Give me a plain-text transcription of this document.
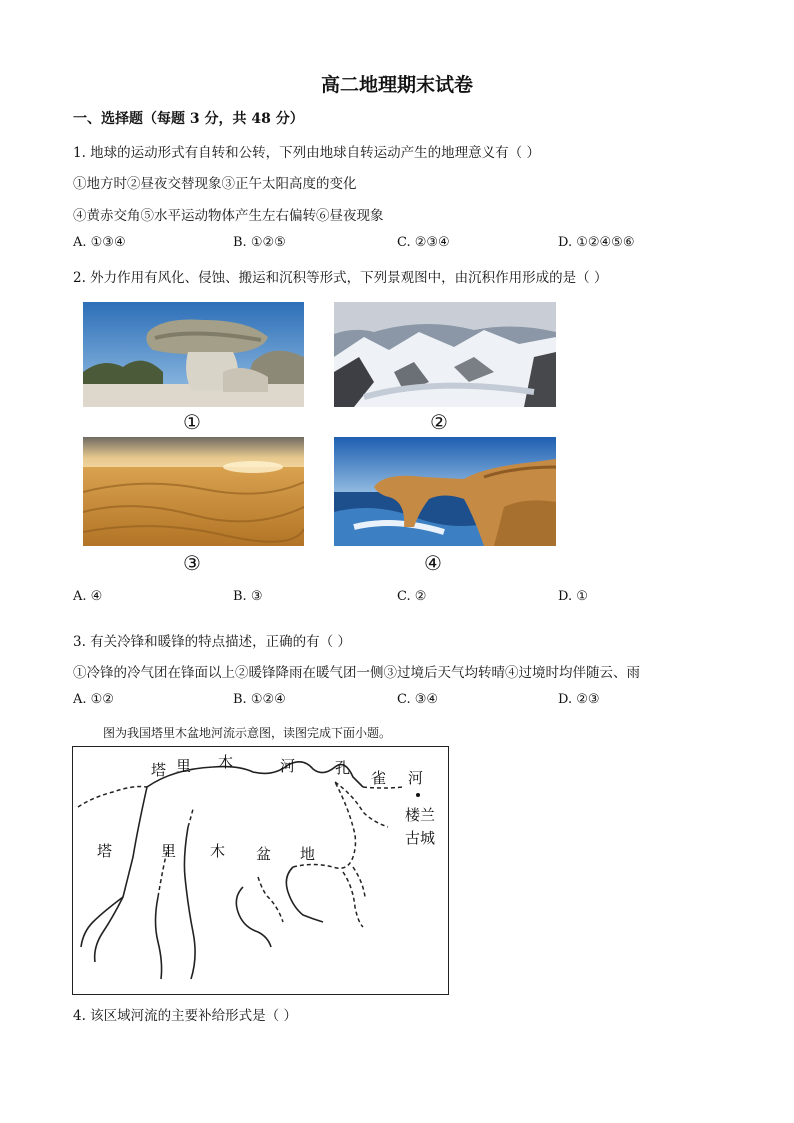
高二地理期末试卷
一、选择题（每题 3 分，共 48 分）
1. 地球的运动形式有自转和公转，下列由地球自转运动产生的地理意义有（ ）
①地方时②昼夜交替现象③正午太阳高度的变化
④黄赤交角⑤水平运动物体产生左右偏转⑥昼夜现象
A. ①③④	B. ①②⑤	C. ②③④	D. ①②④⑤⑥
2. 外力作用有风化、侵蚀、搬运和沉积等形式，下列景观图中，由沉积作用形成的是（ ）
①	②
③	④
A. ④	B. ③	C. ②	D. ①
3. 有关冷锋和暖锋的特点描述，正确的有（ ）
①冷锋的冷气团在锋面以上②暖锋降雨在暖气团一侧③过境后天气均转晴④过境时均伴随云、雨
A. ①②	B. ①②④	C. ③④	D. ②③
图为我国塔里木盆地河流示意图，读图完成下面小题。
塔 里 木	河	孔
雀 河
楼兰
古城
塔	里 木 盆 地
4. 该区域河流的主要补给形式是（ ）
